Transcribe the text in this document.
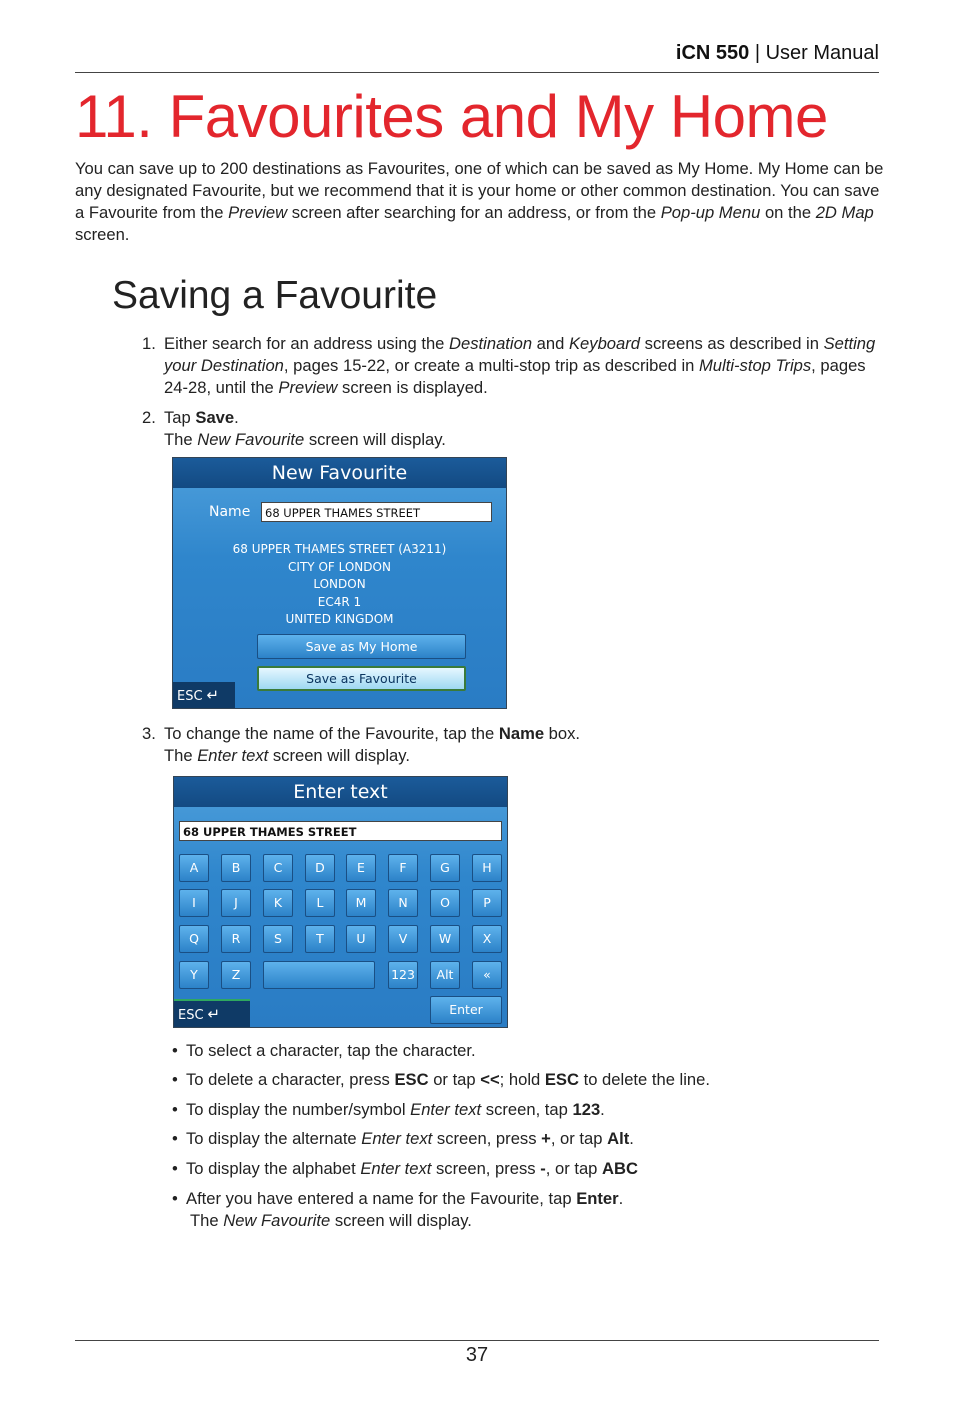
iCN 550 | User Manual
11. Favourites and My Home

You can save up to 200 destinations as Favourites, one of which can be saved as My Home. My Home can be any designated Favourite, but we recommend that it is your home or other common destination. You can save a Favourite from the Preview screen after searching for an address, or from the Pop-up Menu on the 2D Map screen.

Saving a Favourite

1. Either search for an address using the Destination and Keyboard screens as described in Setting your Destination, pages 15-22, or create a multi-stop trip as described in Multi-stop Trips, pages 24-28, until the Preview screen is displayed.

2. Tap Save.
The New Favourite screen will display.

New Favourite
Name	68 UPPER THAMES STREET
68 UPPER THAMES STREET (A3211)
CITY OF LONDON
LONDON
EC4R 1
UNITED KINGDOM
Save as My Home
Save as Favourite
ESC ↵

3. To change the name of the Favourite, tap the Name box.
The Enter text screen will display.

Enter text
68 UPPER THAMES STREET
A	B	C	D	E	F	G	H
I	J	K	L	M	N	O	P
Q	R	S	T	U	V	W	X
Y	Z	123	Alt	«
Enter
ESC ↵

• To select a character, tap the character.

• To delete a character, press ESC or tap <<; hold ESC to delete the line.

• To display the number/symbol Enter text screen, tap 123.

• To display the alternate Enter text screen, press +, or tap Alt.

• To display the alphabet Enter text screen, press -, or tap ABC

• After you have entered a name for the Favourite, tap Enter.
The New Favourite screen will display.

37
